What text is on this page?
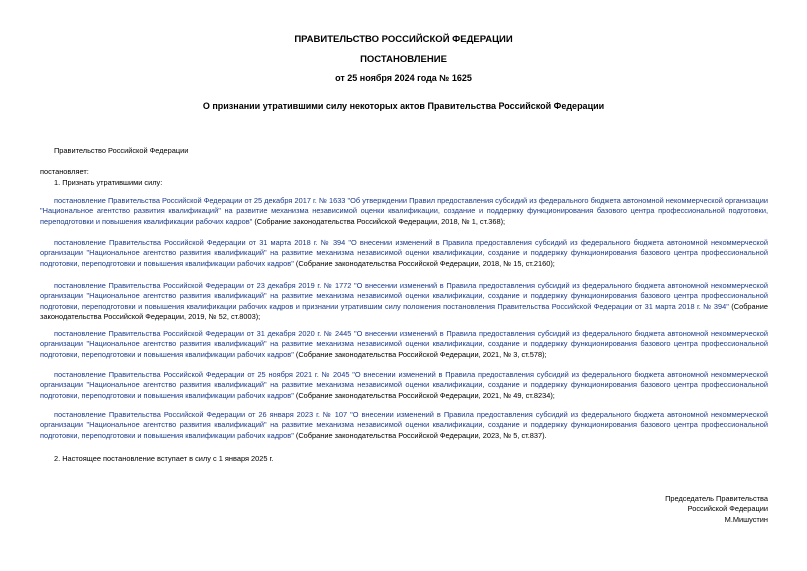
ПРАВИТЕЛЬСТВО РОССИЙСКОЙ ФЕДЕРАЦИИ
ПОСТАНОВЛЕНИЕ
от 25 ноября 2024 года № 1625
О признании утратившими силу некоторых актов Правительства Российской Федерации
Правительство Российской Федерации
постановляет:
1. Признать утратившими силу:
постановление Правительства Российской Федерации от 25 декабря 2017 г. № 1633 "Об утверждении Правил предоставления субсидий из федерального бюджета автономной некоммерческой организации "Национальное агентство развития квалификаций" на развитие механизма независимой оценки квалификации, создание и поддержку функционирования базового центра профессиональной подготовки, переподготовки и повышения квалификации рабочих кадров" (Собрание законодательства Российской Федерации, 2018, № 1, ст.368);
постановление Правительства Российской Федерации от 31 марта 2018 г. № 394 "О внесении изменений в Правила предоставления субсидий из федерального бюджета автономной некоммерческой организации "Национальное агентство развития квалификаций" на развитие механизма независимой оценки квалификации, создание и поддержку функционирования базового центра профессиональной подготовки, переподготовки и повышения квалификации рабочих кадров" (Собрание законодательства Российской Федерации, 2018, № 15, ст.2160);
постановление Правительства Российской Федерации от 23 декабря 2019 г. № 1772 "О внесении изменений в Правила предоставления субсидий из федерального бюджета автономной некоммерческой организации "Национальное агентство развития квалификаций" на развитие механизма независимой оценки квалификации, создание и поддержку функционирования базового центра профессиональной подготовки, переподготовки и повышения квалификации рабочих кадров и признании утратившим силу положения постановления Правительства Российской Федерации от 31 марта 2018 г. № 394" (Собрание законодательства Российской Федерации, 2019, № 52, ст.8003);
постановление Правительства Российской Федерации от 31 декабря 2020 г. № 2445 "О внесении изменений в Правила предоставления субсидий из федерального бюджета автономной некоммерческой организации "Национальное агентство развития квалификаций" на развитие механизма независимой оценки квалификации, создание и поддержку функционирования базового центра профессиональной подготовки, переподготовки и повышения квалификации рабочих кадров" (Собрание законодательства Российской Федерации, 2021, № 3, ст.578);
постановление Правительства Российской Федерации от 25 ноября 2021 г. № 2045 "О внесении изменений в Правила предоставления субсидий из федерального бюджета автономной некоммерческой организации "Национальное агентство развития квалификаций" на развитие механизма независимой оценки квалификации, создание и поддержку функционирования базового центра профессиональной подготовки, переподготовки и повышения квалификации рабочих кадров" (Собрание законодательства Российской Федерации, 2021, № 49, ст.8234);
постановление Правительства Российской Федерации от 26 января 2023 г. № 107 "О внесении изменений в Правила предоставления субсидий из федерального бюджета автономной некоммерческой организации "Национальное агентство развития квалификаций" на развитие механизма независимой оценки квалификации, создание и поддержку функционирования базового центра профессиональной подготовки, переподготовки и повышения квалификации рабочих кадров" (Собрание законодательства Российской Федерации, 2023, № 5, ст.837).
2. Настоящее постановление вступает в силу с 1 января 2025 г.
Председатель Правительства
Российской Федерации
М.Мишустин
